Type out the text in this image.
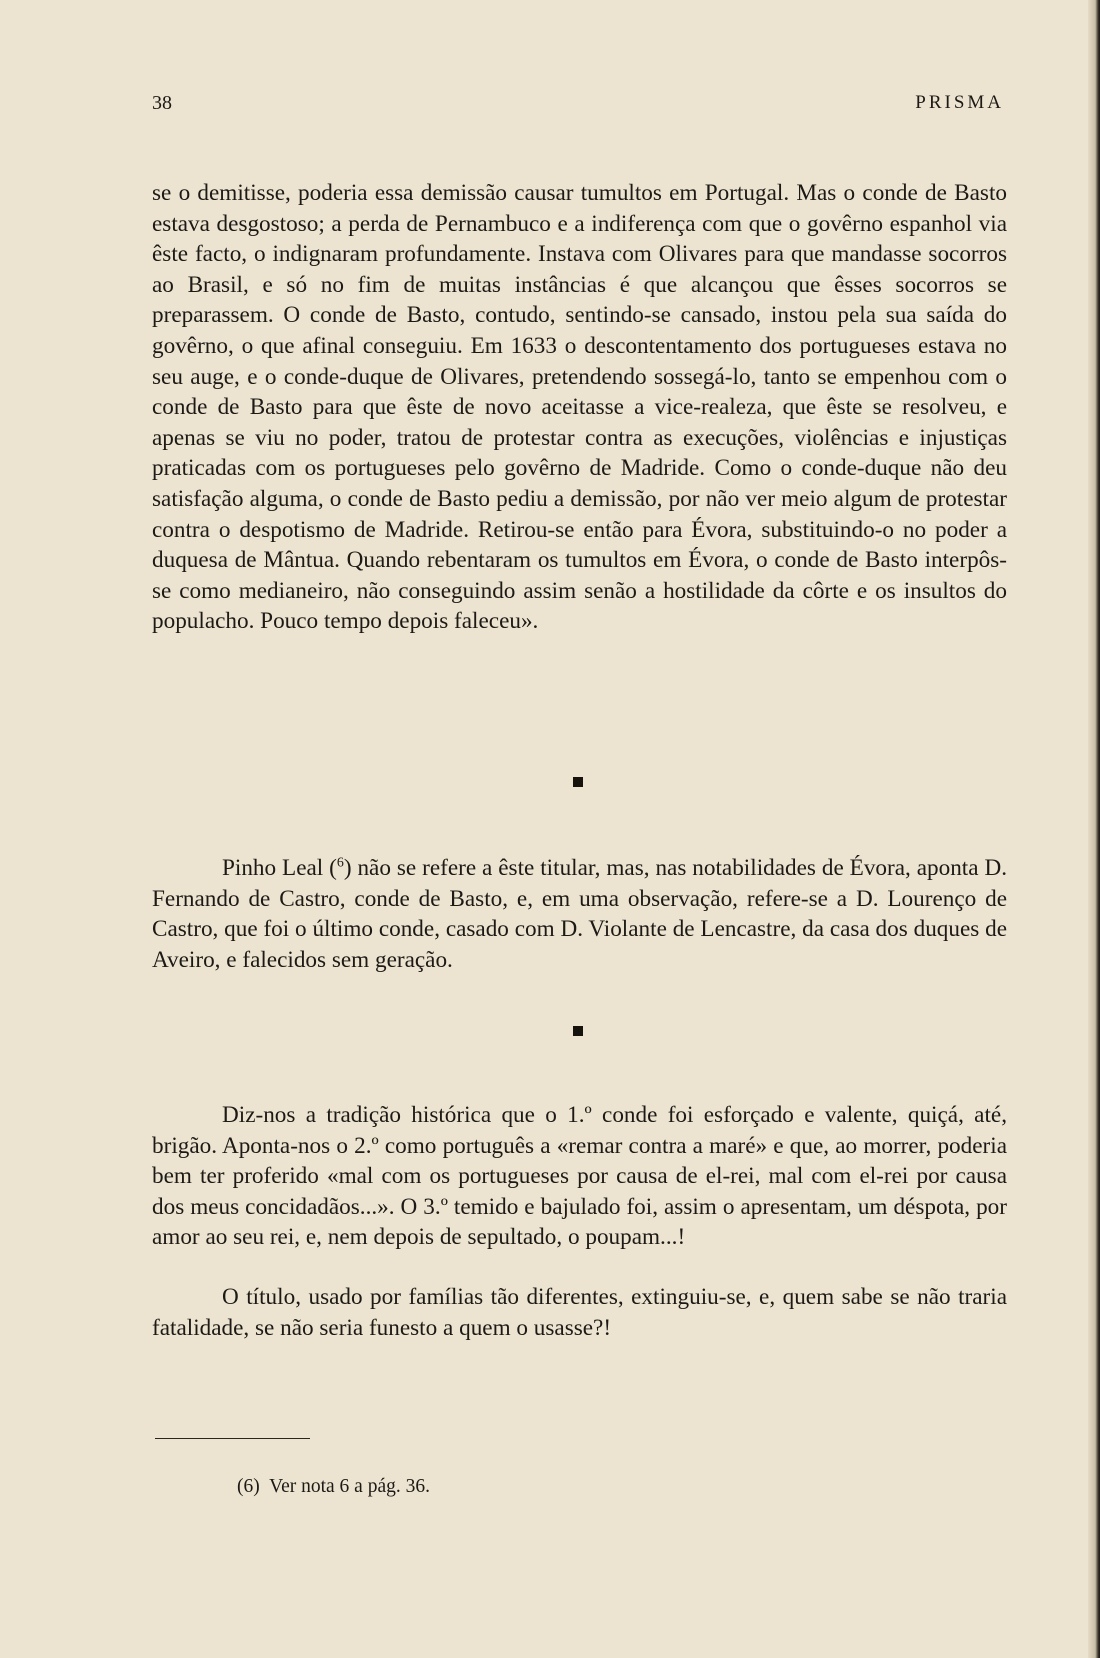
38	PRISMA

se o demitisse, poderia essa demissão causar tumultos em Portugal. Mas o conde de Basto estava desgostoso; a perda de Pernambuco e a indiferença com que o govêrno espanhol via êste facto, o indignaram profundamente. Instava com Olivares para que mandasse socorros ao Brasil, e só no fim de muitas instâncias é que alcançou que êsses socorros se preparassem. O conde de Basto, contudo, sentindo-se cansado, instou pela sua saída do govêrno, o que afinal conseguiu. Em 1633 o descontentamento dos portugueses estava no seu auge, e o conde-duque de Olivares, pretendendo sossegá-lo, tanto se empenhou com o conde de Basto para que êste de novo aceitasse a vice-realeza, que êste se resolveu, e apenas se viu no poder, tratou de protestar contra as execuções, violências e injustiças praticadas com os portugueses pelo govêrno de Madride. Como o conde-duque não deu satisfação alguma, o conde de Basto pediu a demissão, por não ver meio algum de protestar contra o despotismo de Madride. Retirou-se então para Évora, substituindo-o no poder a duquesa de Mântua. Quando rebentaram os tumultos em Évora, o conde de Basto interpôs-se como medianeiro, não conseguindo assim senão a hostilidade da côrte e os insultos do populacho. Pouco tempo depois faleceu».

Pinho Leal ($^6$) não se refere a êste titular, mas, nas notabilidades de Évora, aponta D. Fernando de Castro, conde de Basto, e, em uma observação, refere-se a D. Lourenço de Castro, que foi o último conde, casado com D. Violante de Lencastre, da casa dos duques de Aveiro, e falecidos sem geração.

Diz-nos a tradição histórica que o 1.º conde foi esforçado e valente, quiçá, até, brigão. Aponta-nos o 2.º como português a «remar contra a maré» e que, ao morrer, poderia bem ter proferido «mal com os portugueses por causa de el-rei, mal com el-rei por causa dos meus concidadãos...». O 3.º temido e bajulado foi, assim o apresentam, um déspota, por amor ao seu rei, e, nem depois de sepultado, o poupam...!

O título, usado por famílias tão diferentes, extinguiu-se, e, quem sabe se não traria fatalidade, se não seria funesto a quem o usasse?!

(6) Ver nota 6 a pág. 36.
